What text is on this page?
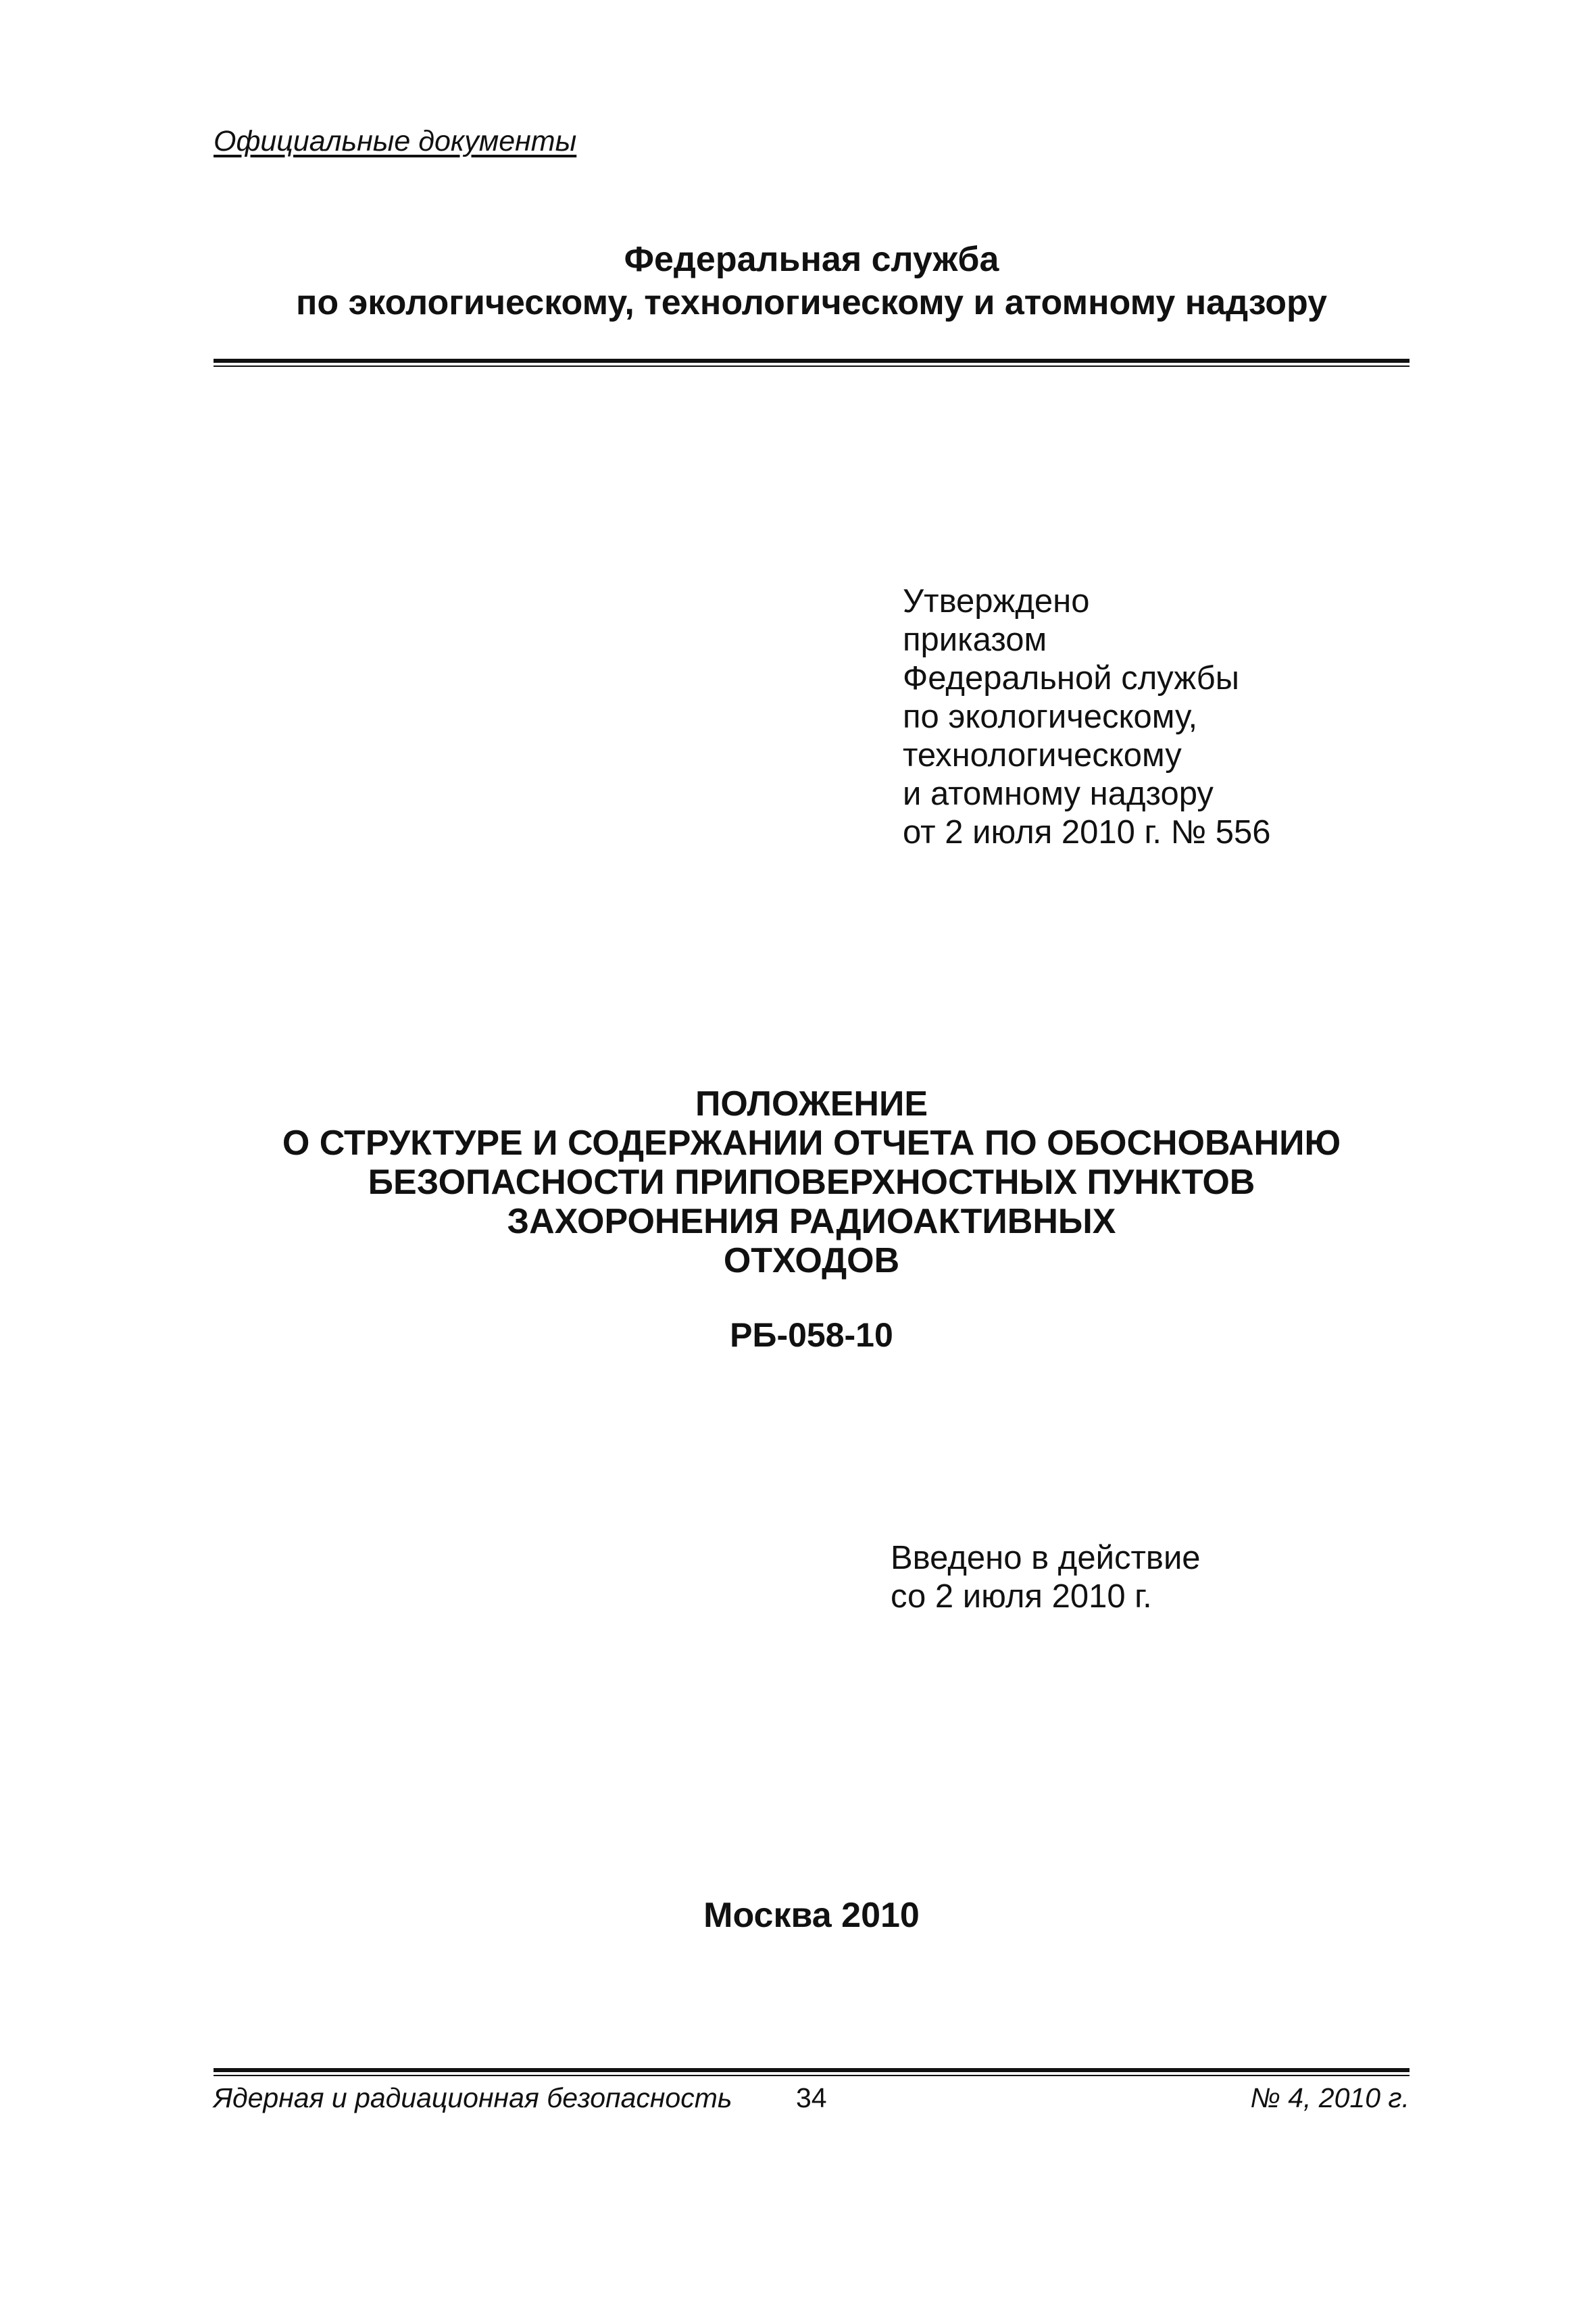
Официальные документы
Федеральная служба
по экологическому, технологическому и атомному надзору
Утверждено
приказом
Федеральной службы
по экологическому,
технологическому
и атомному надзору
от 2 июля 2010 г. № 556
ПОЛОЖЕНИЕ
О СТРУКТУРЕ И СОДЕРЖАНИИ ОТЧЕТА ПО ОБОСНОВАНИЮ
БЕЗОПАСНОСТИ ПРИПОВЕРХНОСТНЫХ ПУНКТОВ
ЗАХОРОНЕНИЯ РАДИОАКТИВНЫХ
ОТХОДОВ
РБ-058-10
Введено в действие
со 2 июля 2010 г.
Москва 2010
Ядерная и радиационная безопасность 34	№ 4, 2010 г.
